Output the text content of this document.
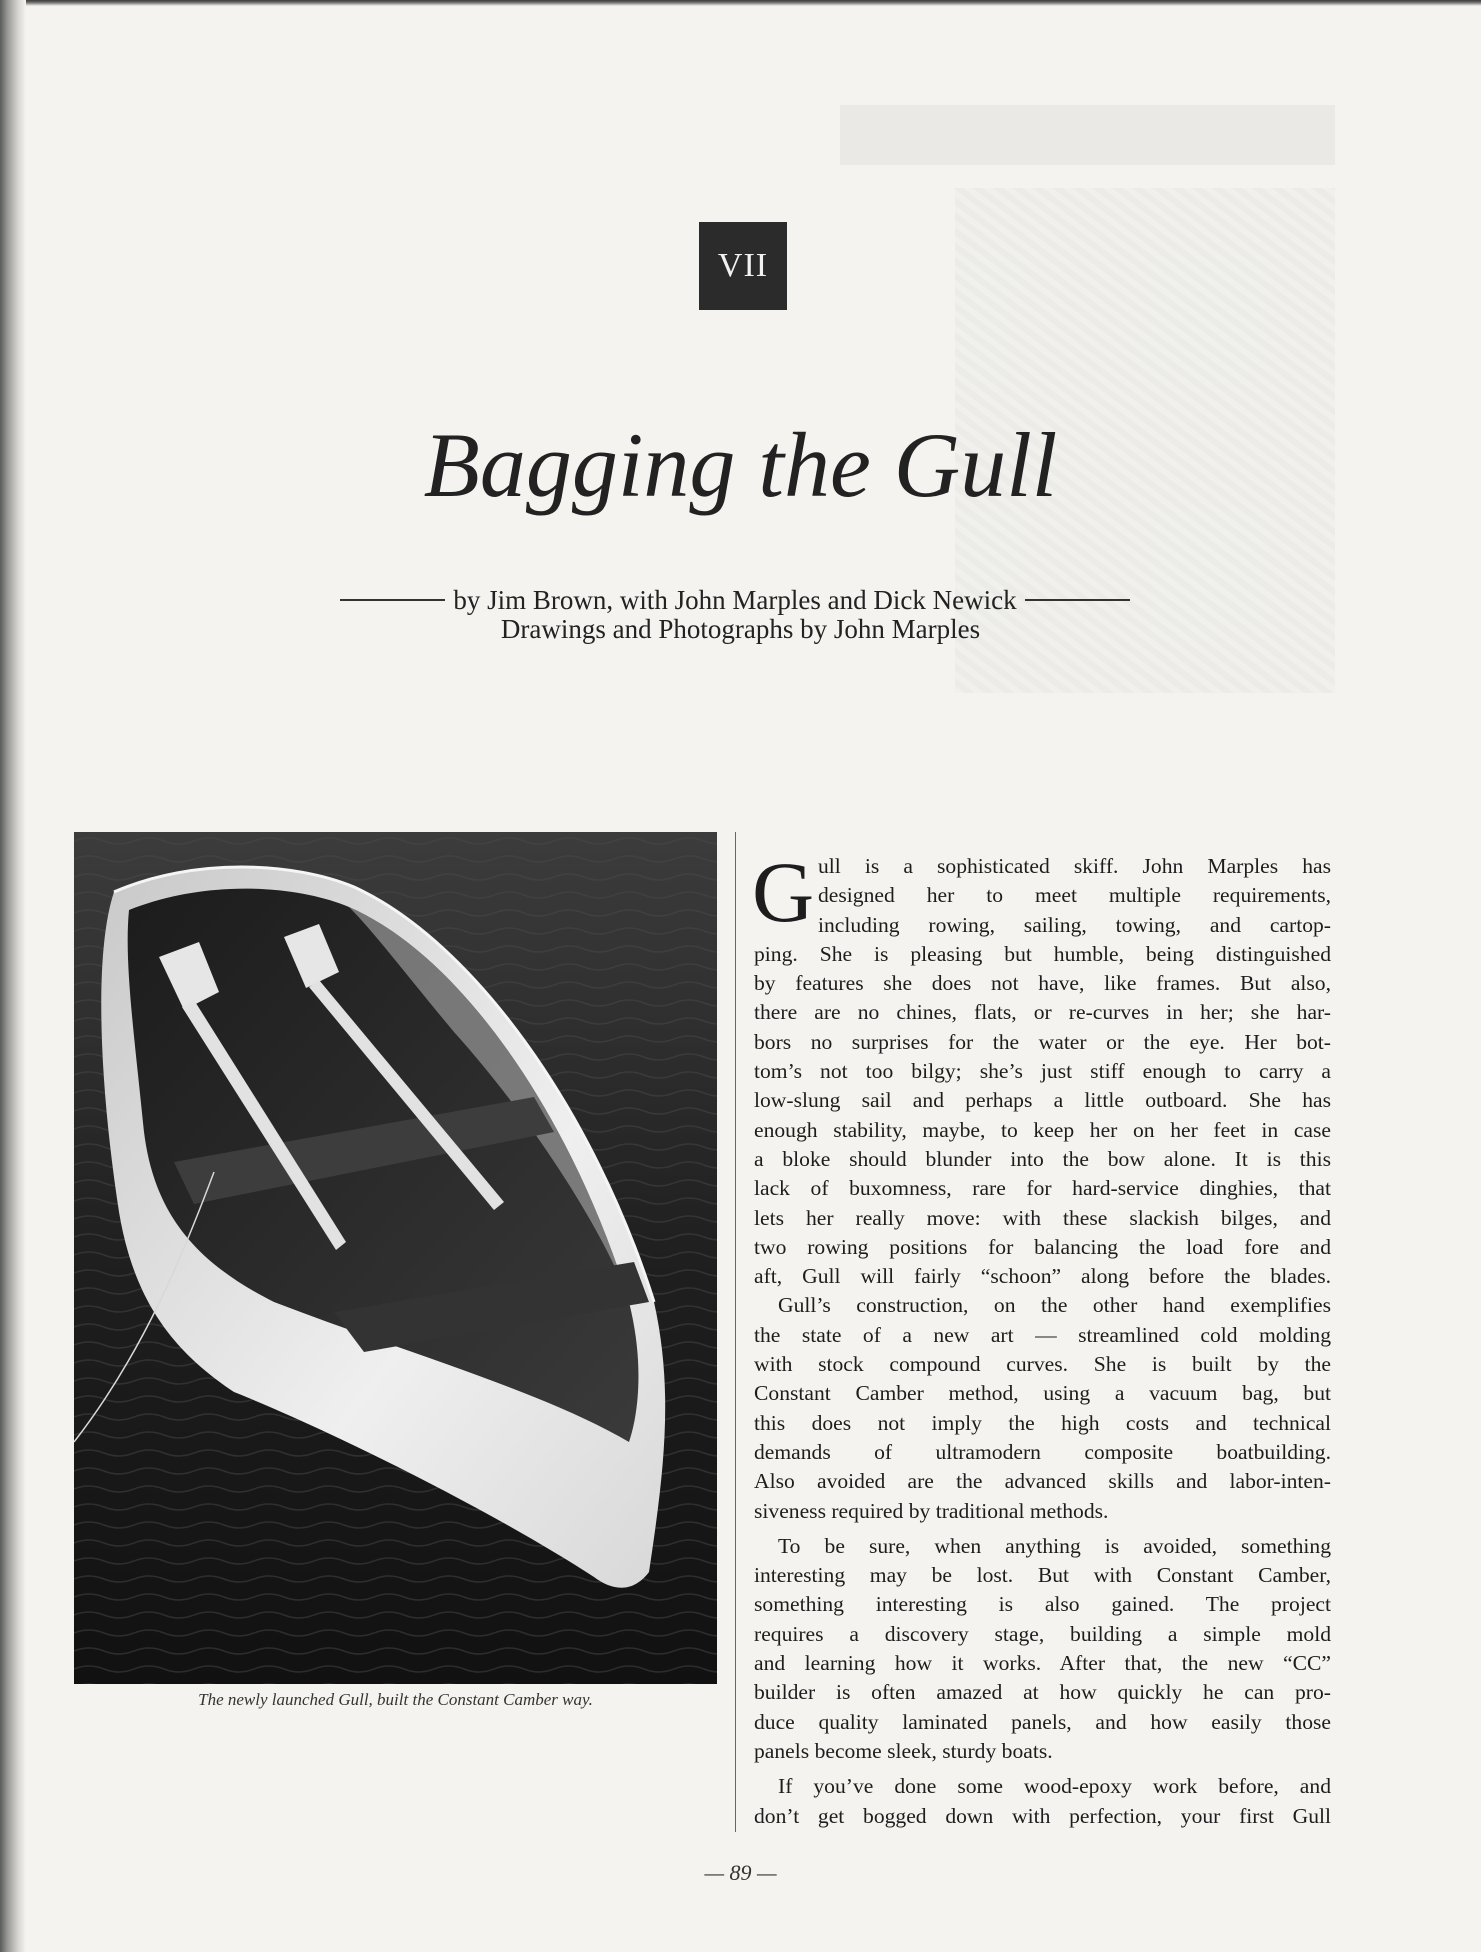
VII
Bagging the Gull
by Jim Brown, with John Marples and Dick Newick
Drawings and Photographs by John Marples
The newly launched Gull, built the Constant Camber way.
G ull is a sophisticated skiff. John Marples has
designed her to meet multiple requirements,
including rowing, sailing, towing, and cartop-
ping. She is pleasing but humble, being distinguished
by features she does not have, like frames. But also,
there are no chines, flats, or re-curves in her; she har-
bors no surprises for the water or the eye. Her bot-
tom’s not too bilgy; she’s just stiff enough to carry a
low-slung sail and perhaps a little outboard. She has
enough stability, maybe, to keep her on her feet in case
a bloke should blunder into the bow alone. It is this
lack of buxomness, rare for hard-service dinghies, that
lets her really move: with these slackish bilges, and
two rowing positions for balancing the load fore and
aft, Gull will fairly “schoon” along before the blades.
Gull’s construction, on the other hand exemplifies
the state of a new art — streamlined cold molding
with stock compound curves. She is built by the
Constant Camber method, using a vacuum bag, but
this does not imply the high costs and technical
demands of ultramodern composite boatbuilding.
Also avoided are the advanced skills and labor-inten-
siveness required by traditional methods.
To be sure, when anything is avoided, something
interesting may be lost. But with Constant Camber,
something interesting is also gained. The project
requires a discovery stage, building a simple mold
and learning how it works. After that, the new “CC”
builder is often amazed at how quickly he can pro-
duce quality laminated panels, and how easily those
panels become sleek, sturdy boats.
If you’ve done some wood-epoxy work before, and
don’t get bogged down with perfection, your first Gull
— 89 —
